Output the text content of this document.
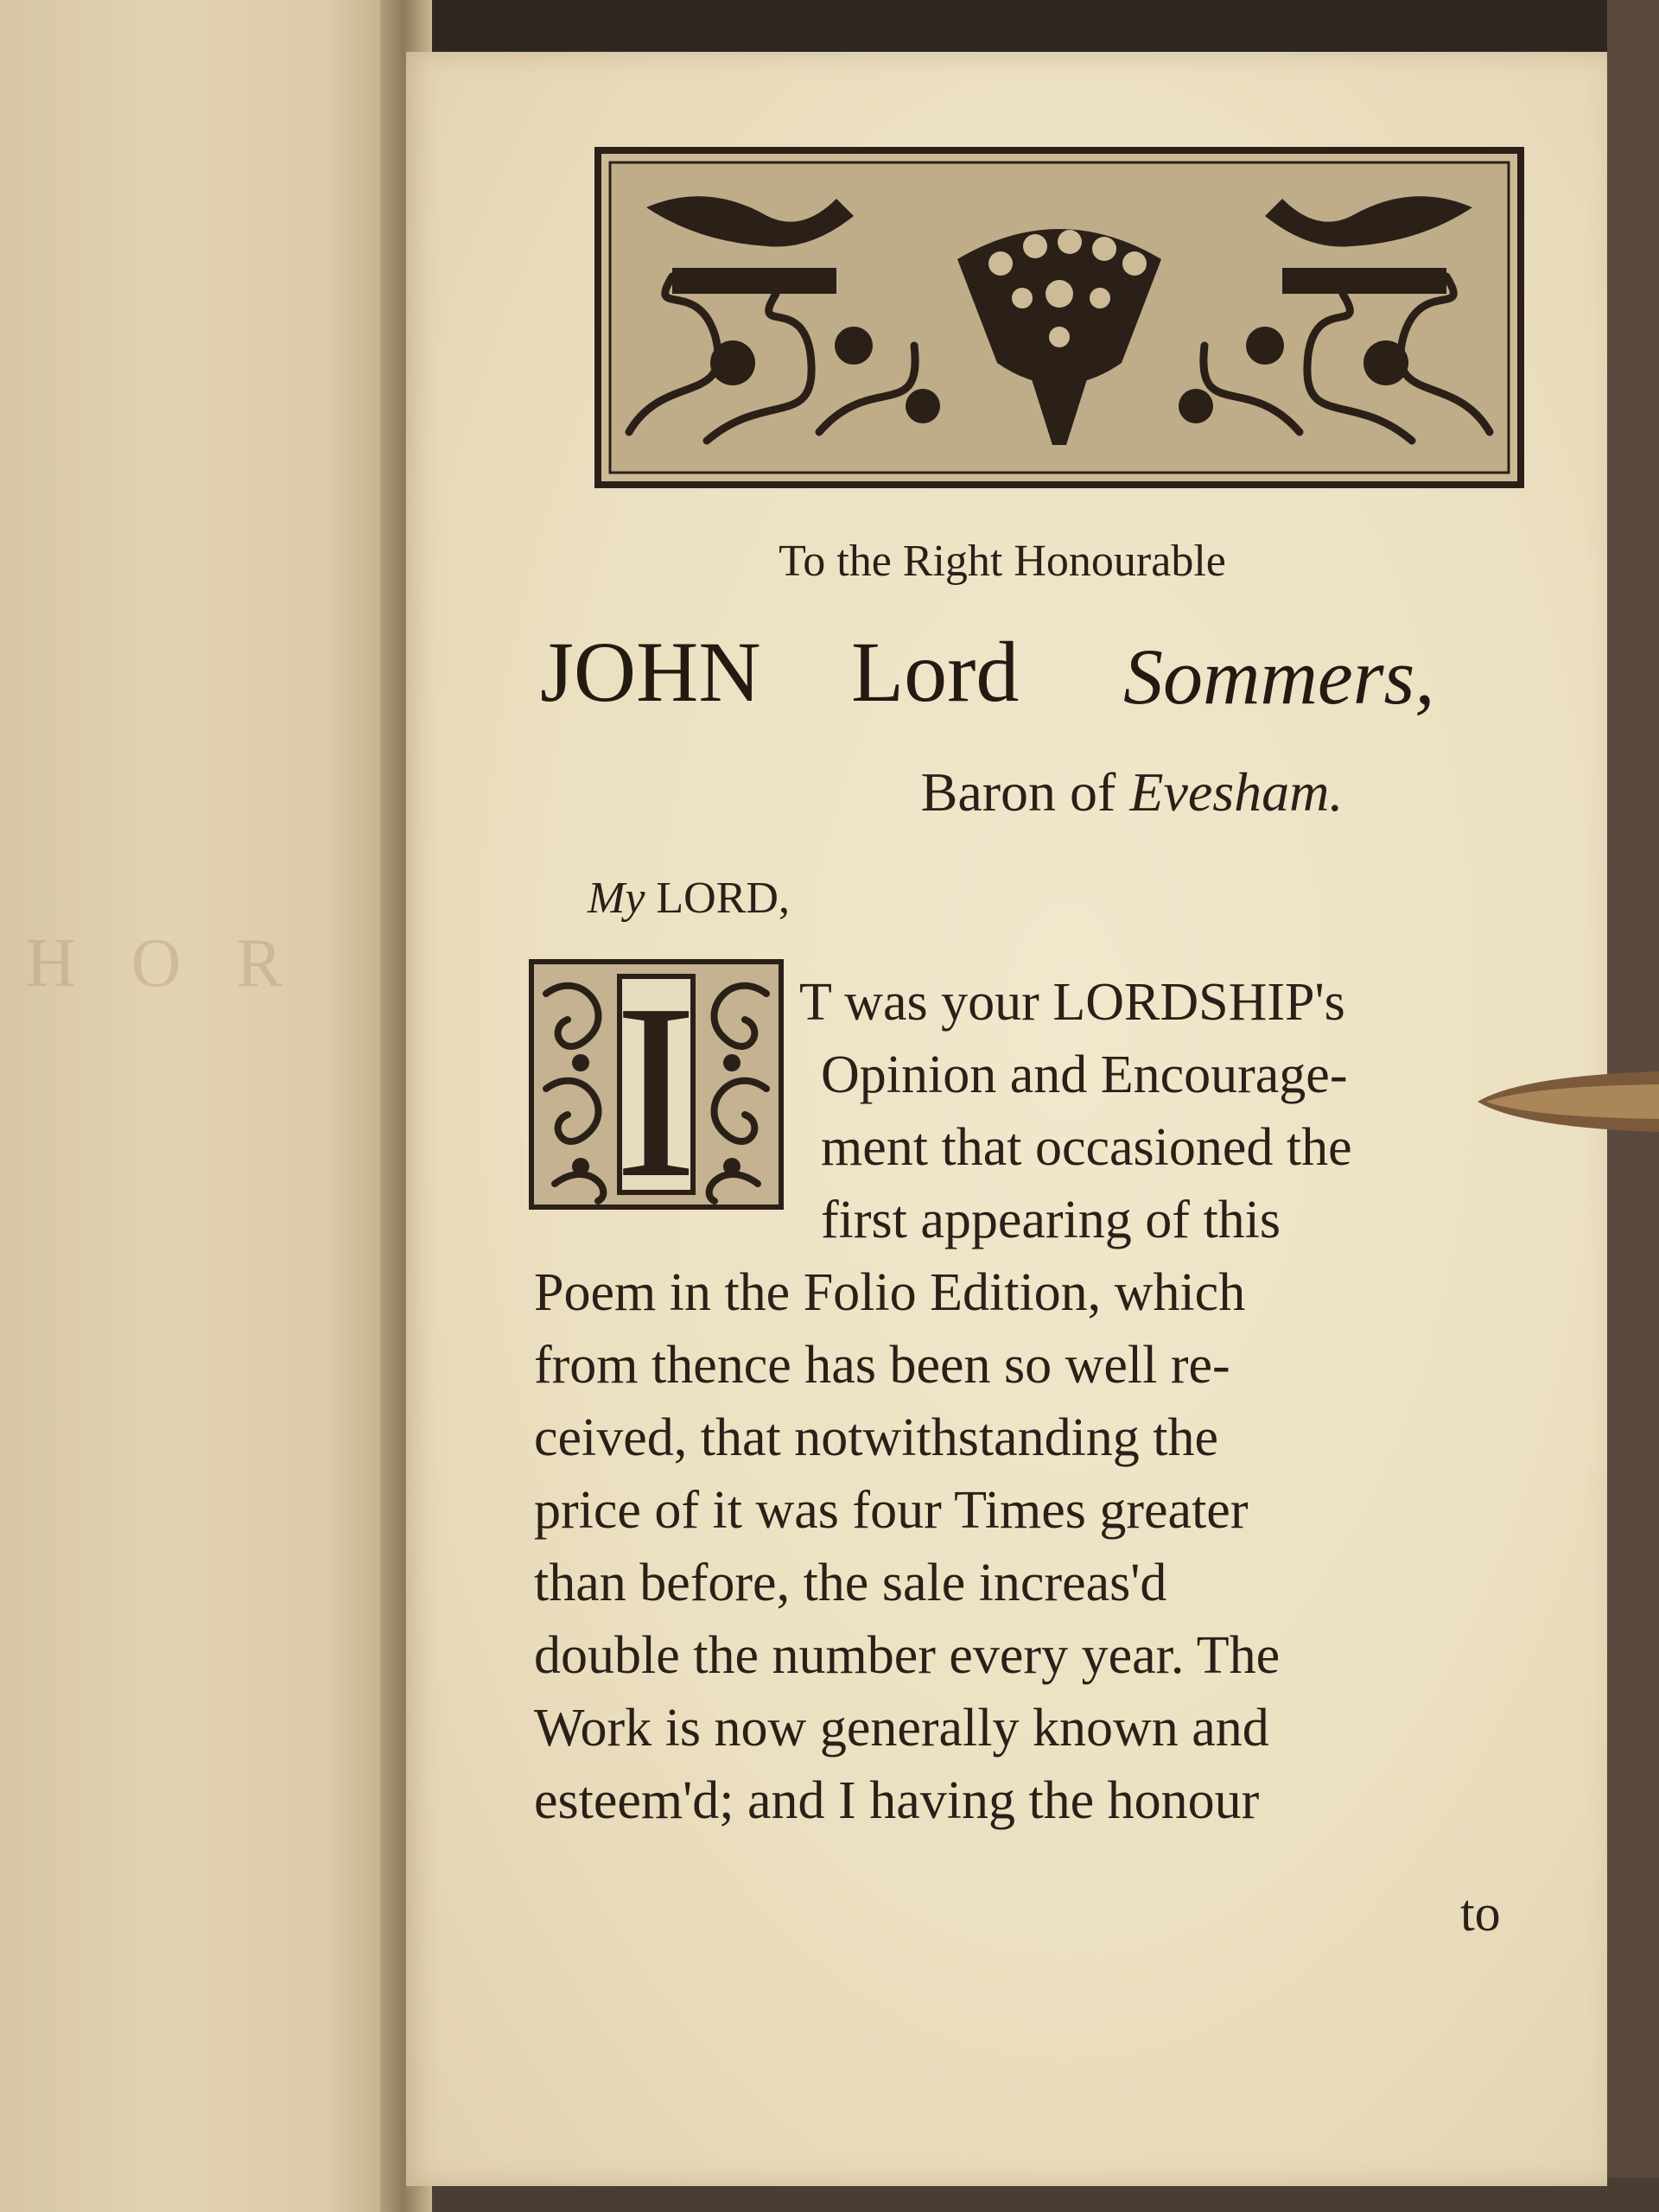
H O R
To the Right Honourable
JOHN Lord Sommers,
Baron of Evesham.
My LORD,
I T was your LORDSHIP's
Opinion and Encourage-
ment that occasioned the
first appearing of this
Poem in the Folio Edition, which
from thence has been so well re-
ceived, that notwithstanding the
price of it was four Times greater
than before, the sale increas'd
double the number every year. The
Work is now generally known and
esteem'd; and I having the honour
to
